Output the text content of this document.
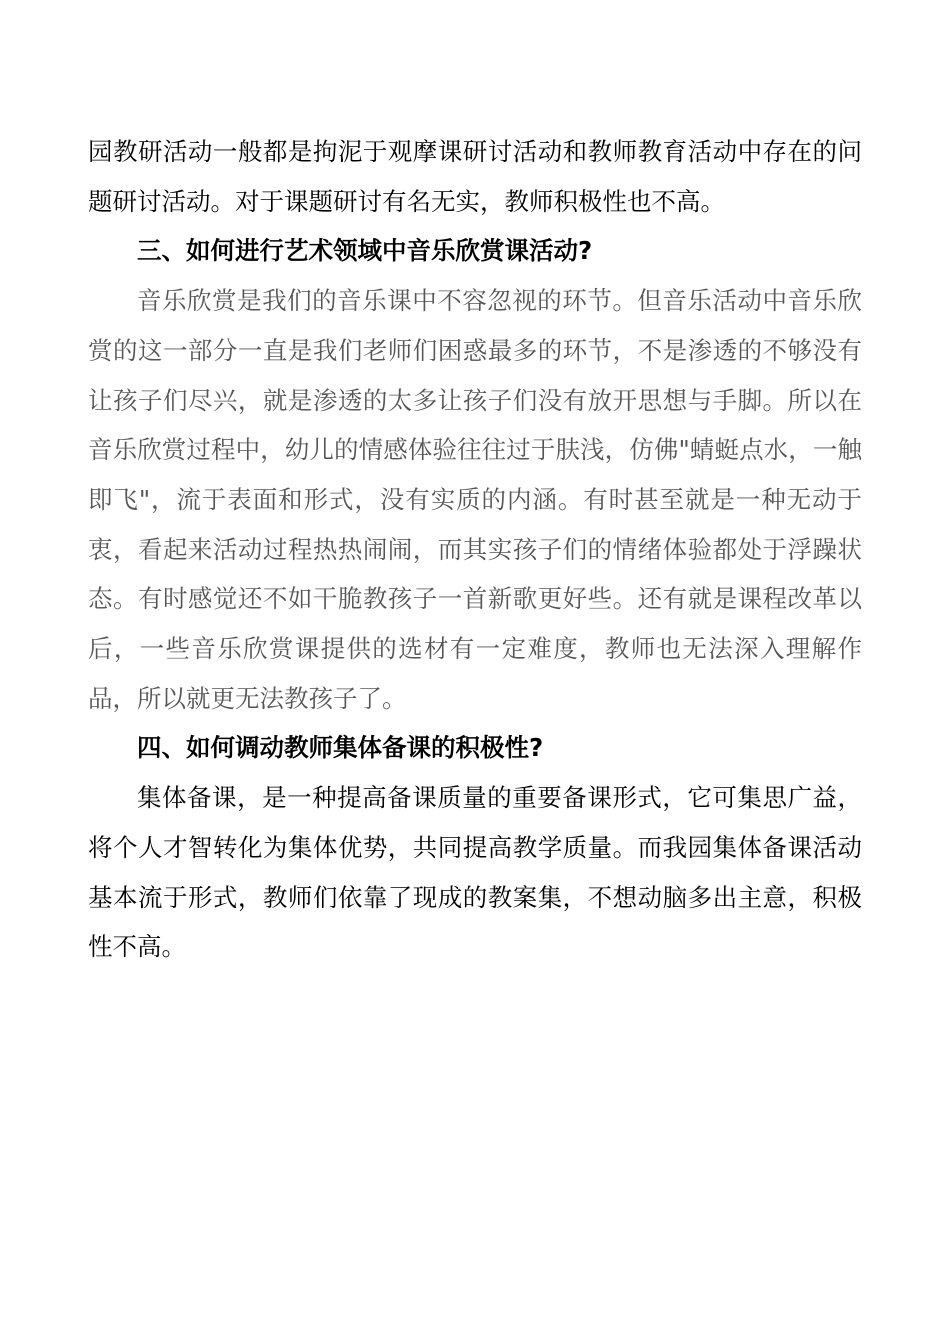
园教研活动一般都是拘泥于观摩课研讨活动和教师教育活动中存在的问题研讨活动。对于课题研讨有名无实，教师积极性也不高。

三、如何进行艺术领域中音乐欣赏课活动?

音乐欣赏是我们的音乐课中不容忽视的环节。但音乐活动中音乐欣赏的这一部分一直是我们老师们困惑最多的环节，不是渗透的不够没有让孩子们尽兴，就是渗透的太多让孩子们没有放开思想与手脚。所以在音乐欣赏过程中，幼儿的情感体验往往过于肤浅，仿佛"蜻蜓点水，一触即飞"，流于表面和形式，没有实质的内涵。有时甚至就是一种无动于衷，看起来活动过程热热闹闹，而其实孩子们的情绪体验都处于浮躁状态。有时感觉还不如干脆教孩子一首新歌更好些。还有就是课程改革以后，一些音乐欣赏课提供的选材有一定难度，教师也无法深入理解作品，所以就更无法教孩子了。

四、如何调动教师集体备课的积极性?

集体备课，是一种提高备课质量的重要备课形式，它可集思广益，将个人才智转化为集体优势，共同提高教学质量。而我园集体备课活动基本流于形式，教师们依靠了现成的教案集，不想动脑多出主意，积极性不高。
